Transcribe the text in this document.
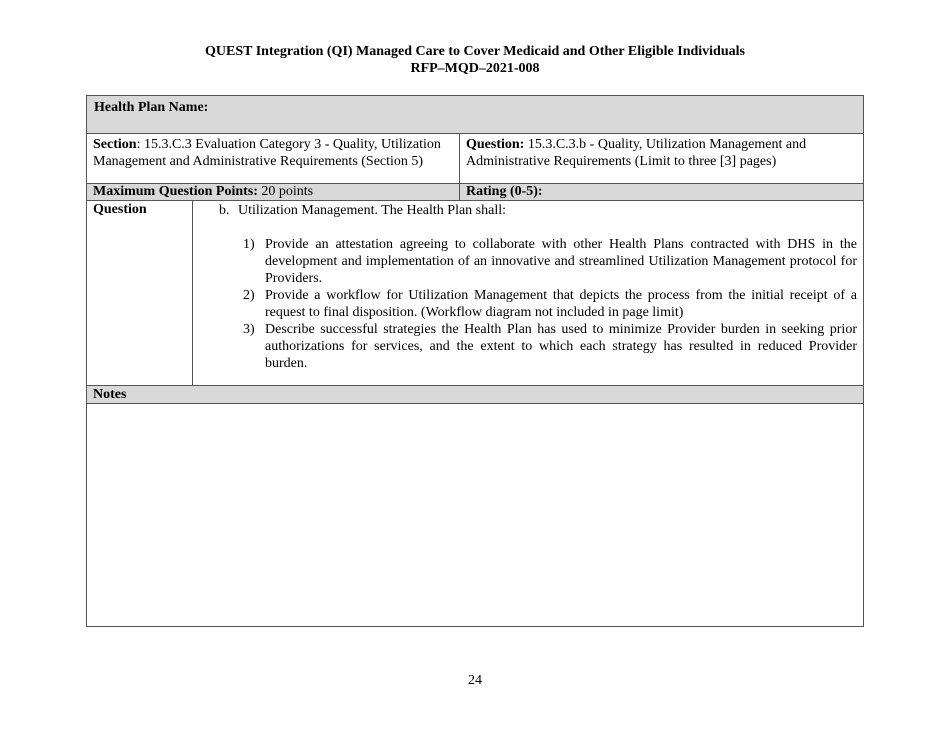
QUEST Integration (QI) Managed Care to Cover Medicaid and Other Eligible Individuals
RFP–MQD–2021-008
Health Plan Name:
Section: 15.3.C.3 Evaluation Category 3 - Quality, Utilization Management and Administrative Requirements (Section 5)
Question: 15.3.C.3.b - Quality, Utilization Management and Administrative Requirements (Limit to three [3] pages)
Maximum Question Points: 20 points	Rating (0-5):
Question	b. Utilization Management. The Health Plan shall:
1) Provide an attestation agreeing to collaborate with other Health Plans contracted with DHS in the development and implementation of an innovative and streamlined Utilization Management protocol for Providers.
2) Provide a workflow for Utilization Management that depicts the process from the initial receipt of a request to final disposition. (Workflow diagram not included in page limit)
3) Describe successful strategies the Health Plan has used to minimize Provider burden in seeking prior authorizations for services, and the extent to which each strategy has resulted in reduced Provider burden.
Notes
24
